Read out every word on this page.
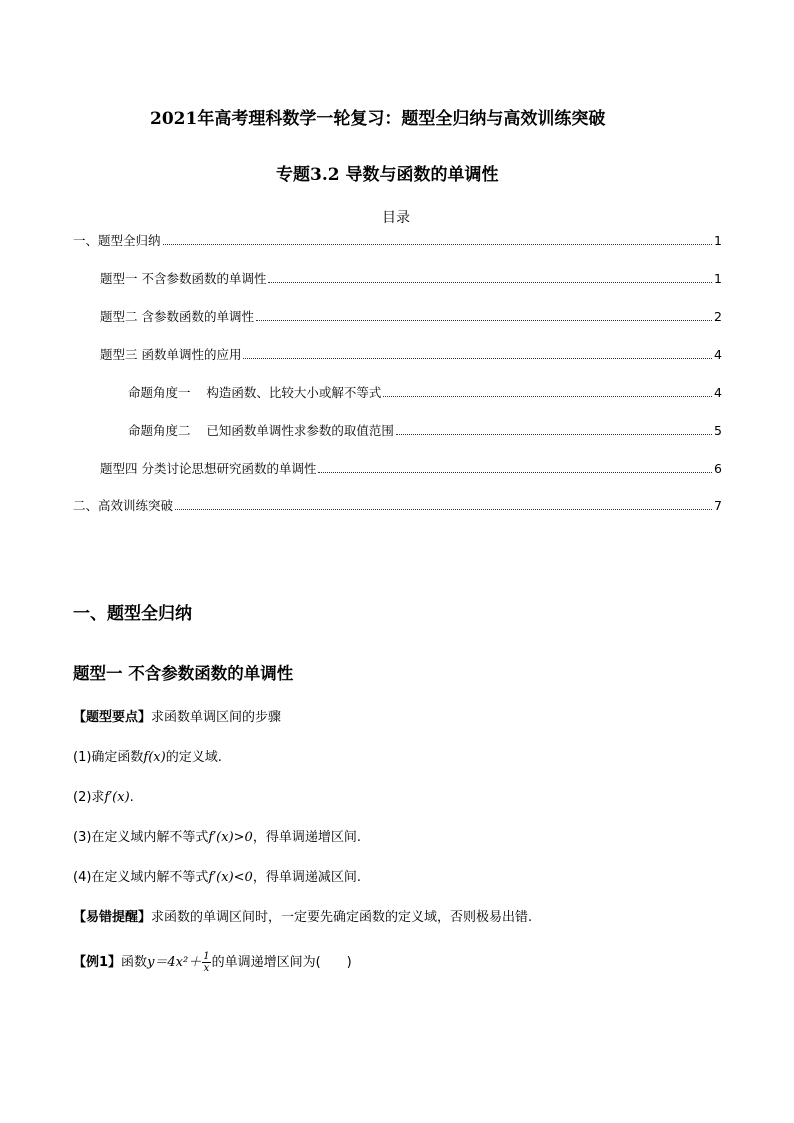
2021年高考理科数学一轮复习：题型全归纳与高效训练突破
专题3.2 导数与函数的单调性
目录
一、题型全归纳	1
题型一 不含参数函数的单调性	1
题型二 含参数函数的单调性	2
题型三 函数单调性的应用	4
命题角度一    构造函数、比较大小或解不等式	4
命题角度二    已知函数单调性求参数的取值范围	5
题型四 分类讨论思想研究函数的单调性	6
二、高效训练突破	7
一、题型全归纳
题型一 不含参数函数的单调性
【题型要点】求函数单调区间的步骤
(1)确定函数f(x)的定义域.
(2)求f′(x).
(3)在定义域内解不等式f′(x)>0，得单调递增区间.
(4)在定义域内解不等式f′(x)<0，得单调递减区间.
【易错提醒】求函数的单调区间时，一定要先确定函数的定义域，否则极易出错.
【例1】函数$y=4x^2+ \frac{1}{x}$ 的单调递增区间为(　　)
